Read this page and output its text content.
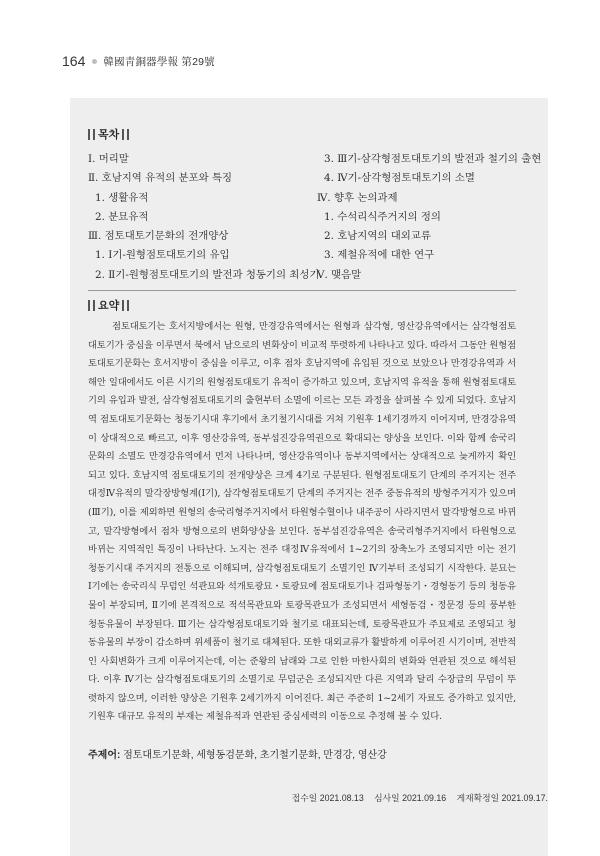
164 韓國靑銅器學報 第29號
목차
Ⅰ. 머리말
Ⅱ. 호남지역 유적의 분포와 특징
1. 생활유적
2. 분묘유적
Ⅲ. 점토대토기문화의 전개양상
1. Ⅰ기-원형점토대토기의 유입
2. Ⅱ기-원형점토대토기의 발전과 청동기의 최성기
3. Ⅲ기-삼각형점토대토기의 발전과 철기의 출현
4. Ⅳ기-삼각형점토대토기의 소멸
Ⅳ. 향후 논의과제
1. 수석리식주거지의 정의
2. 호남지역의 대외교류
3. 제철유적에 대한 연구
Ⅴ. 맺음말
요약

점토대토기는 호서지방에서는 원형, 만경강유역에서는 원형과 삼각형, 영산강유역에서는 삼각형점토대토기가 중심을 이루면서 북에서 남으로의 변화상이 비교적 뚜렷하게 나타나고 있다. 따라서 그동안 원형점토대토기문화는 호서지방이 중심을 이루고, 이후 점차 호남지역에 유입된 것으로 보았으나 만경강유역과 서해안 일대에서도 이른 시기의 원형점토대토기 유적이 증가하고 있으며, 호남지역 유적을 통해 원형점토대토기의 유입과 발전, 삼각형점토대토기의 출현부터 소멸에 이르는 모든 과정을 살펴볼 수 있게 되었다. 호남지역 점토대토기문화는 청동기시대 후기에서 초기철기시대를 거쳐 기원후 1세기경까지 이어지며, 만경강유역이 상대적으로 빠르고, 이후 영산강유역, 동부섬진강유역권으로 확대되는 양상을 보인다. 이와 함께 송국리문화의 소멸도 만경강유역에서 먼저 나타나며, 영산강유역이나 동부지역에서는 상대적으로 늦게까지 확인되고 있다. 호남지역 점토대토기의 전개양상은 크게 4기로 구분된다. 원형점토대토기 단계의 주거지는 전주 대정Ⅳ유적의 말각장방형계(Ⅰ기), 삼각형점토대토기 단계의 주거지는 전주 중동유적의 방형주거지가 있으며(Ⅲ기), 이를 제외하면 원형의 송국리형주거지에서 타원형수혈이나 내주공이 사라지면서 말각방형으로 바뀌고, 말각방형에서 점차 방형으로의 변화양상을 보인다. 동부섬진강유역은 송국리형주거지에서 타원형으로 바뀌는 지역적인 특징이 나타난다. 노지는 전주 대정Ⅳ유적에서 1~2기의 장축노가 조영되지만 이는 전기 청동기시대 주거지의 전통으로 이해되며, 삼각형점토대토기 소멸기인 Ⅳ기부터 조성되기 시작한다. 분묘는 Ⅰ기에는 송국리식 무덤인 석관묘와 석개토광묘・토광묘에 점토대토기나 검파형동기・경형동기 등의 청동유물이 부장되며, Ⅱ기에 본격적으로 적석목관묘와 토광목관묘가 조성되면서 세형동검・정문경 등의 풍부한 청동유물이 부장된다. Ⅲ기는 삼각형점토대토기와 철기로 대표되는데, 토광목관묘가 주묘제로 조영되고 청동유물의 부장이 감소하며 위세품이 철기로 대체된다. 또한 대외교류가 활발하게 이루어진 시기이며, 전반적인 사회변화가 크게 이루어지는데, 이는 준왕의 남래와 그로 인한 마한사회의 변화와 연관된 것으로 해석된다. 이후 Ⅳ기는 삼각형점토대토기의 소멸기로 무덤군은 조성되지만 다른 지역과 달리 수장급의 무덤이 뚜렷하지 않으며, 이러한 양상은 기원후 2세기까지 이어진다. 최근 주준히 1~2세기 자료도 증가하고 있지만, 기원후 대규모 유적의 부재는 제철유적과 연관된 중심세력의 이동으로 추정해 볼 수 있다.

주제어: 점토대토기문화, 세형동검문화, 초기철기문화, 만경강, 영산강
접수일 2021.08.13 심사일 2021.09.16 게재확정일 2021.09.17.
